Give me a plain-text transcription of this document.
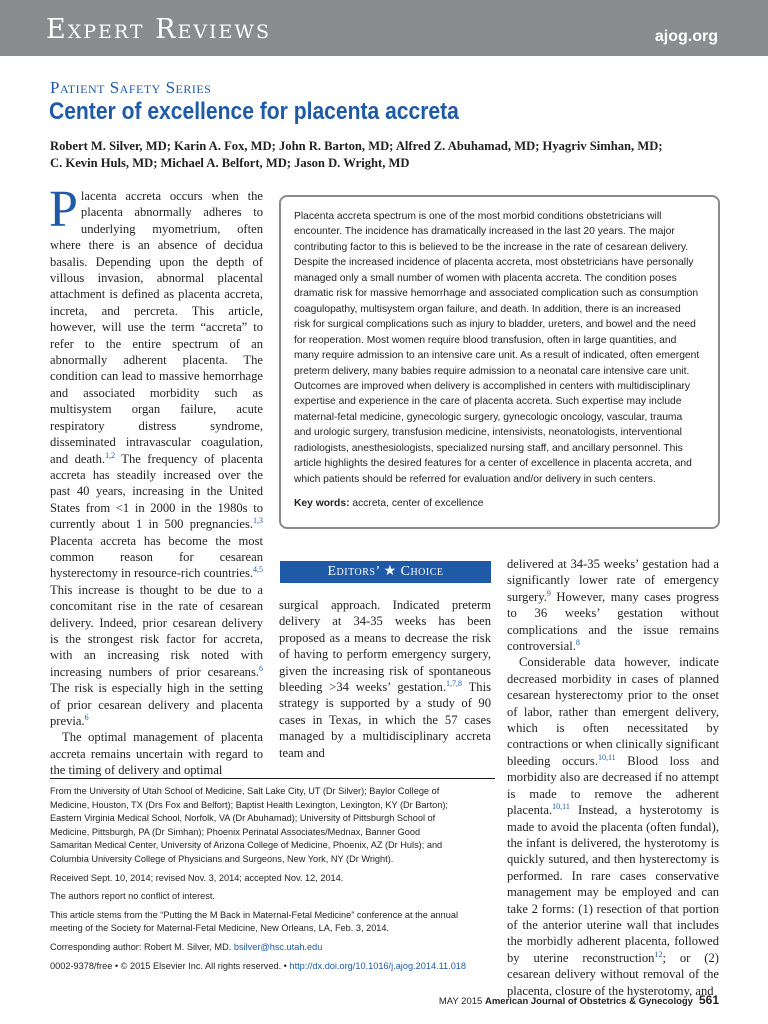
Expert Reviews	ajog.org
Patient Safety Series
Center of excellence for placenta accreta
Robert M. Silver, MD; Karin A. Fox, MD; John R. Barton, MD; Alfred Z. Abuhamad, MD; Hyagriv Simhan, MD;
C. Kevin Huls, MD; Michael A. Belfort, MD; Jason D. Wright, MD

Placenta accreta occurs when the placenta abnormally adheres to underlying myometrium, often where there is an absence of decidua basalis. Depending upon the depth of villous invasion, abnormal placental attachment is defined as placenta accreta, increta, and percreta. This article, however, will use the term “accreta” to refer to the entire spectrum of an abnormally adherent placenta. The condition can lead to massive hemorrhage and associated morbidity such as multisystem organ failure, acute respiratory distress syndrome, disseminated intravascular coagulation, and death.$^{1,2}$ The frequency of placenta accreta has steadily increased over the past 40 years, increasing in the United States from <1 in 2000 in the 1980s to currently about 1 in 500 pregnancies.$^{1,3}$ Placenta accreta has become the most common reason for cesarean hysterectomy in resource-rich countries.$^{4,5}$ This increase is thought to be due to a concomitant rise in the rate of cesarean delivery. Indeed, prior cesarean delivery is the strongest risk factor for accreta, with an increasing risk noted with increasing numbers of prior cesareans.$^6$ The risk is especially high in the setting of prior cesarean delivery and placenta previa.$^6$

The optimal management of placenta accreta remains uncertain with regard to the timing of delivery and optimal

Placenta accreta spectrum is one of the most morbid conditions obstetricians will
encounter. The incidence has dramatically increased in the last 20 years. The major
contributing factor to this is believed to be the increase in the rate of cesarean delivery.
Despite the increased incidence of placenta accreta, most obstetricians have personally
managed only a small number of women with placenta accreta. The condition poses
dramatic risk for massive hemorrhage and associated complication such as consumption
coagulopathy, multisystem organ failure, and death. In addition, there is an increased
risk for surgical complications such as injury to bladder, ureters, and bowel and the need
for reoperation. Most women require blood transfusion, often in large quantities, and
many require admission to an intensive care unit. As a result of indicated, often emergent
preterm delivery, many babies require admission to a neonatal care intensive care unit.
Outcomes are improved when delivery is accomplished in centers with multidisciplinary
expertise and experience in the care of placenta accreta. Such expertise may include
maternal-fetal medicine, gynecologic surgery, gynecologic oncology, vascular, trauma
and urologic surgery, transfusion medicine, intensivists, neonatologists, interventional
radiologists, anesthesiologists, specialized nursing staff, and ancillary personnel. This
article highlights the desired features for a center of excellence in placenta accreta, and
which patients should be referred for evaluation and/or delivery in such centers.

Key words: accreta, center of excellence
Editors’ ★ Choice

surgical approach. Indicated preterm delivery at 34-35 weeks has been proposed as a means to decrease the risk of having to perform emergency surgery, given the increasing risk of spontaneous bleeding >34 weeks’ gestation.$^{1,7,8}$ This strategy is supported by a study of 90 cases in Texas, in which the 57 cases managed by a multidisciplinary accreta team and

delivered at 34-35 weeks’ gestation had a significantly lower rate of emergency surgery.$^9$ However, many cases progress to 36 weeks’ gestation without complications and the issue remains controversial.$^8$

Considerable data however, indicate decreased morbidity in cases of planned cesarean hysterectomy prior to the onset of labor, rather than emergent delivery, which is often necessitated by contractions or when clinically significant bleeding occurs.$^{10,11}$ Blood loss and morbidity also are decreased if no attempt is made to remove the adherent placenta.$^{10,11}$ Instead, a hysterotomy is made to avoid the placenta (often fundal), the infant is delivered, the hysterotomy is quickly sutured, and then hysterectomy is performed. In rare cases conservative management may be employed and can take 2 forms: (1) resection of that portion of the anterior uterine wall that includes the morbidly adherent placenta, followed by uterine reconstruction$^{12}$; or (2) cesarean delivery without removal of the placenta, closure of the hysterotomy, and

From the University of Utah School of Medicine, Salt Lake City, UT (Dr Silver); Baylor College of
Medicine, Houston, TX (Drs Fox and Belfort); Baptist Health Lexington, Lexington, KY (Dr Barton);
Eastern Virginia Medical School, Norfolk, VA (Dr Abuhamad); University of Pittsburgh School of
Medicine, Pittsburgh, PA (Dr Simhan); Phoenix Perinatal Associates/Mednax, Banner Good
Samaritan Medical Center, University of Arizona College of Medicine, Phoenix, AZ (Dr Huls); and
Columbia University College of Physicians and Surgeons, New York, NY (Dr Wright).

Received Sept. 10, 2014; revised Nov. 3, 2014; accepted Nov. 12, 2014.

The authors report no conflict of interest.

This article stems from the “Putting the M Back in Maternal-Fetal Medicine” conference at the annual
meeting of the Society for Maternal-Fetal Medicine, New Orleans, LA, Feb. 3, 2014.

Corresponding author: Robert M. Silver, MD. bsilver@hsc.utah.edu

0002-9378/free • © 2015 Elsevier Inc. All rights reserved. • http://dx.doi.org/10.1016/j.ajog.2014.11.018

MAY 2015 American Journal of Obstetrics & Gynecology 561
